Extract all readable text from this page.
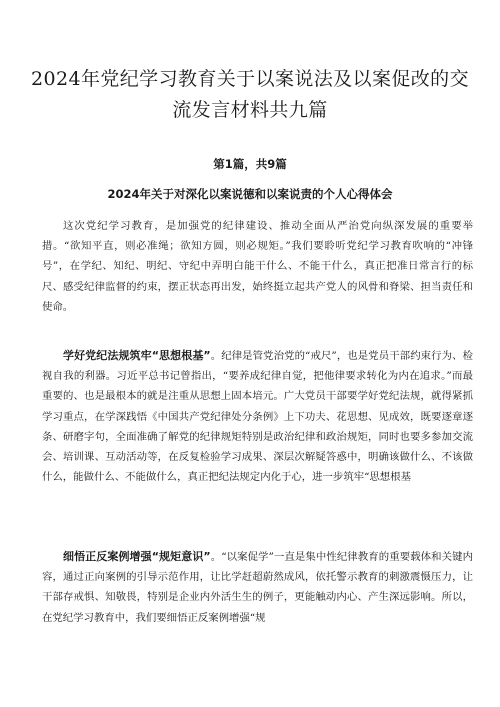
2024年党纪学习教育关于以案说法及以案促改的交流发言材料共九篇
第1篇，共9篇
2024年关于对深化以案说德和以案说责的个人心得体会

这次党纪学习教育，是加强党的纪律建设、推动全面从严治党向纵深发展的重要举措。“欲知平直，则必准绳；欲知方圆，则必规矩。”我们要聆听党纪学习教育吹响的“冲锋号”，在学纪、知纪、明纪、守纪中弄明白能干什么、不能干什么，真正把准日常言行的标尺、感受纪律监督的约束，摆正状态再出发，始终挺立起共产党人的风骨和脊梁、担当责任和使命。

学好党纪法规筑牢“思想根基”。纪律是管党治党的“戒尺”，也是党员干部约束行为、检视自我的利器。习近平总书记曾指出，“要养成纪律自觉，把他律要求转化为内在追求。”而最重要的、也是最根本的就是注重从思想上固本培元。广大党员干部要学好党纪法规，就得紧抓学习重点，在学深践悟《中国共产党纪律处分条例》上下功夫、花思想、见成效，既要逐章逐条、研磨字句，全面准确了解党的纪律规矩特别是政治纪律和政治规矩，同时也要多参加交流会、培训课、互动活动等，在反复检验学习成果、深层次解疑答惑中，明确该做什么、不该做什么，能做什么、不能做什么，真正把纪法规定内化于心，进一步筑牢“思想根基

细悟正反案例增强“规矩意识”。“以案促学”一直是集中性纪律教育的重要载体和关键内容，通过正向案例的引导示范作用，让比学赶超蔚然成风，依托警示教育的刺激震慑压力，让干部存戒惧、知敬畏，特别是企业内外活生生的例子，更能触动内心、产生深远影响。所以，在党纪学习教育中，我们要细悟正反案例增强“规
